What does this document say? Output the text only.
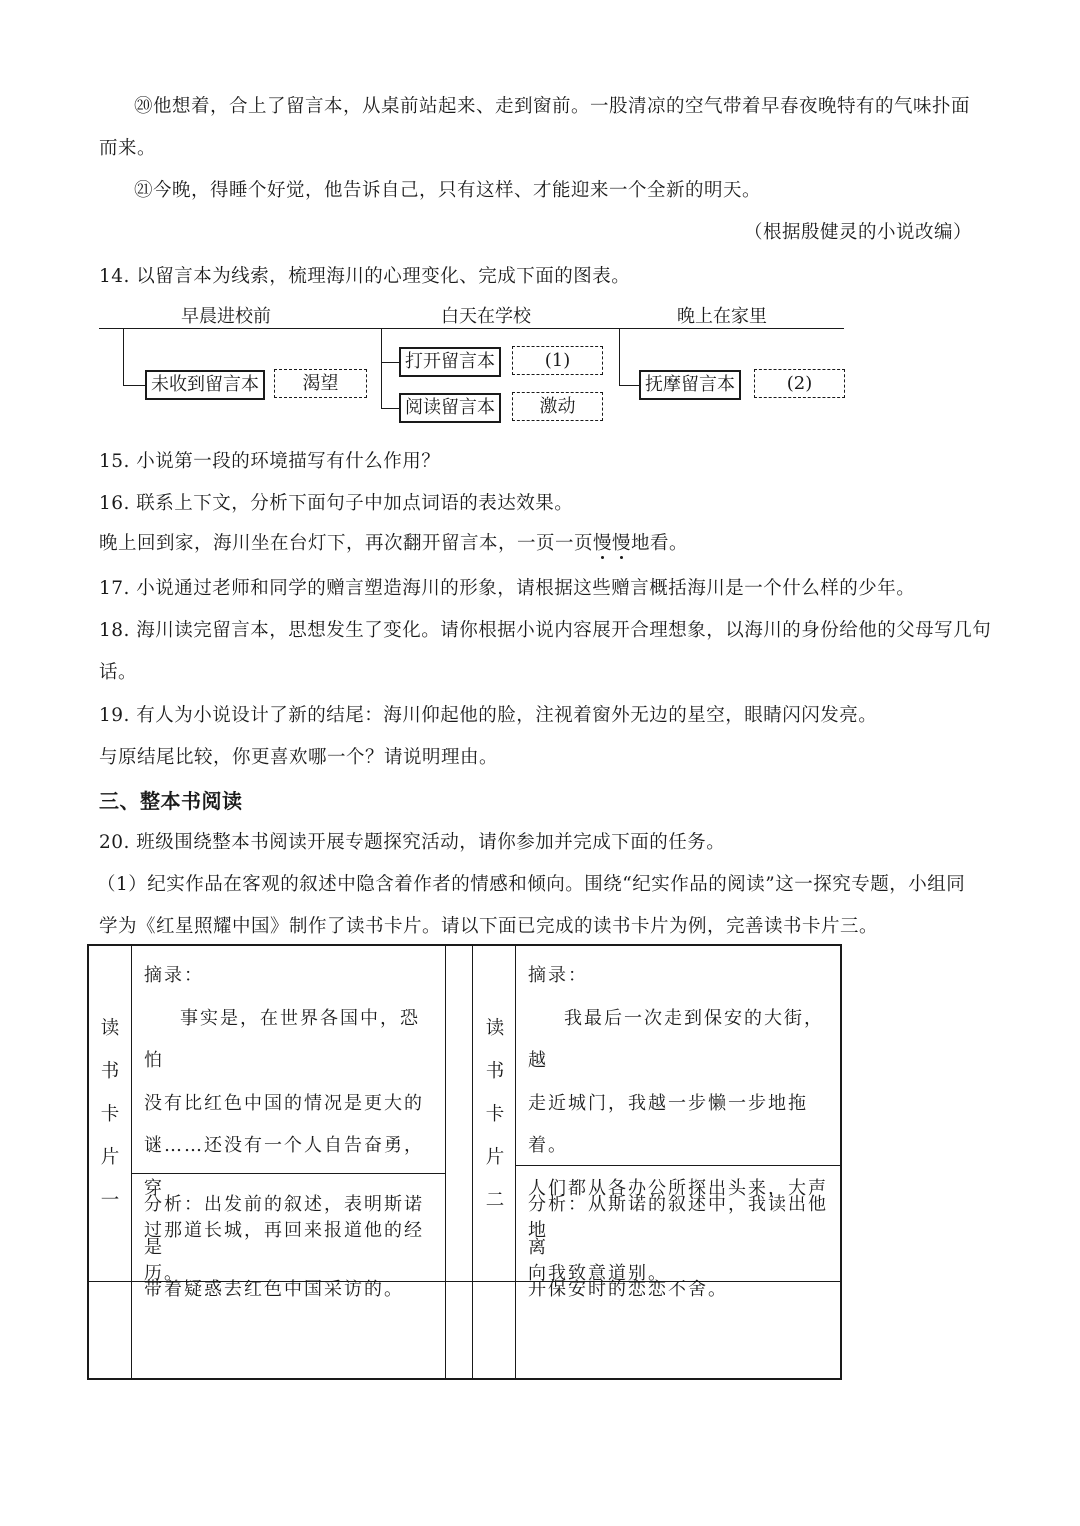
⑳他想着，合上了留言本，从桌前站起来、走到窗前。一股清凉的空气带着早春夜晚特有的气味扑面
而来。
㉑今晚，得睡个好觉，他告诉自己，只有这样、才能迎来一个全新的明天。
（根据殷健灵的小说改编）
14. 以留言本为线索，梳理海川的心理变化、完成下面的图表。
早晨进校前	白天在学校	晚上在家里
未收到留言本	渴望
打开留言本	(1)
阅读留言本	激动
抚摩留言本	(2)
15. 小说第一段的环境描写有什么作用？
16. 联系上下文，分析下面句子中加点词语的表达效果。
晚上回到家，海川坐在台灯下，再次翻开留言本，一页一页慢慢地看。
17. 小说通过老师和同学的赠言塑造海川的形象，请根据这些赠言概括海川是一个什么样的少年。
18. 海川读完留言本，思想发生了变化。请你根据小说内容展开合理想象，以海川的身份给他的父母写几句
话。
19. 有人为小说设计了新的结尾：海川仰起他的脸，注视着窗外无边的星空，眼睛闪闪发亮。
与原结尾比较，你更喜欢哪一个？请说明理由。
三、整本书阅读
20. 班级围绕整本书阅读开展专题探究活动，请你参加并完成下面的任务。
（1）纪实作品在客观的叙述中隐含着作者的情感和倾向。围绕“纪实作品的阅读”这一探究专题，小组同
学为《红星照耀中国》制作了读书卡片。请以下面已完成的读书卡片为例，完善读书卡片三。
读
书
卡
片
一

摘录：

事实是，在世界各国中，恐怕

没有比红色中国的情况是更大的

谜……还没有一个人自告奋勇，穿

过那道长城，再回来报道他的经历。

分析：出发前的叙述，表明斯诺是

带着疑惑去红色中国采访的。

读
书
卡
片
二

摘录：

我最后一次走到保安的大街，越

走近城门，我越一步懒一步地拖着。

人们都从各办公所探出头来，大声地

向我致意道别。

分析：从斯诺的叙述中，我读出他离

开保安时的恋恋不舍。
